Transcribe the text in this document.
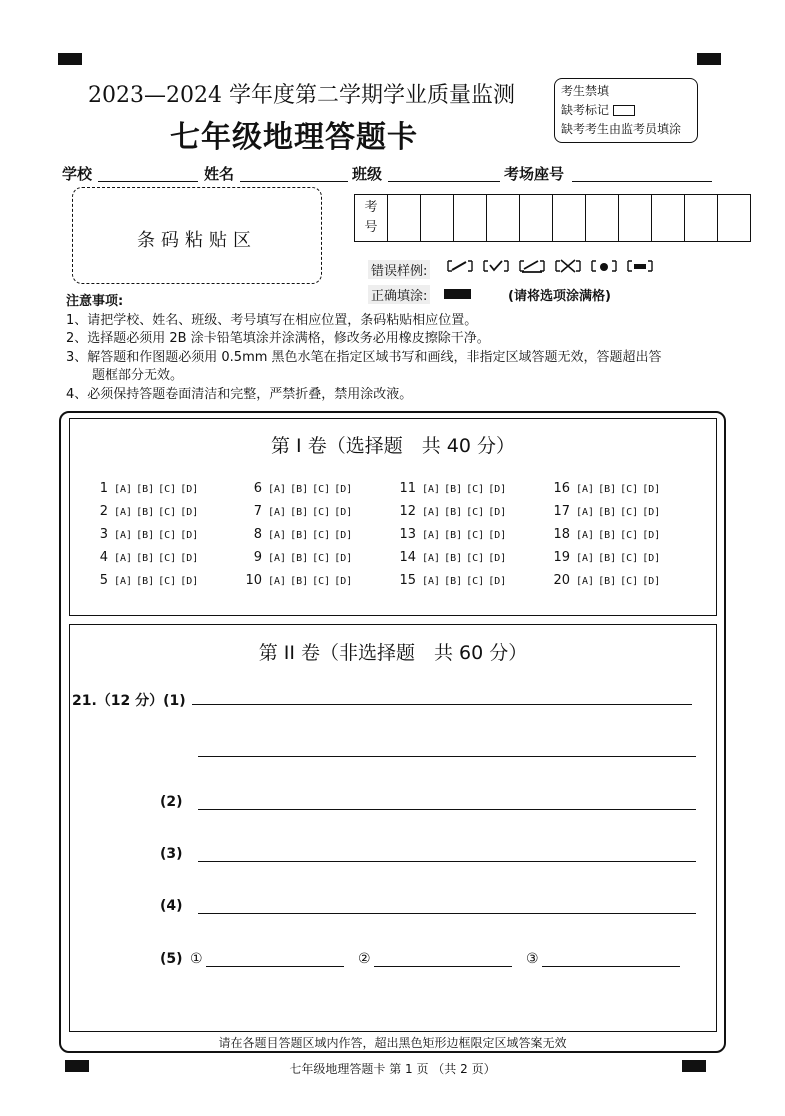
2023—2024 学年度第二学期学业质量监测
七年级地理答题卡
考生禁填
缺考标记
缺考考生由监考员填涂
学校	姓名	班级	考场座号
条码粘贴区
考
号
错误样例:
正确填涂:	(请将选项涂满格)
注意事项:
1、请把学校、姓名、班级、考号填写在相应位置，条码粘贴相应位置。
2、选择题必须用 2B 涂卡铅笔填涂并涂满格，修改务必用橡皮擦除干净。
3、解答题和作图题必须用 0.5mm 黑色水笔在指定区域书写和画线，非指定区域答题无效，答题超出答
题框部分无效。
4、必须保持答题卷面清洁和完整，严禁折叠，禁用涂改液。
第 I 卷（选择题　共 40 分）
1 [A] [B] [C] [D]
2 [A] [B] [C] [D]
3 [A] [B] [C] [D]
4 [A] [B] [C] [D]
5 [A] [B] [C] [D]
6 [A] [B] [C] [D]
7 [A] [B] [C] [D]
8 [A] [B] [C] [D]
9 [A] [B] [C] [D]
10 [A] [B] [C] [D]
11 [A] [B] [C] [D]
12 [A] [B] [C] [D]
13 [A] [B] [C] [D]
14 [A] [B] [C] [D]
15 [A] [B] [C] [D]
16 [A] [B] [C] [D]
17 [A] [B] [C] [D]
18 [A] [B] [C] [D]
19 [A] [B] [C] [D]
20 [A] [B] [C] [D]
第 II 卷（非选择题　共 60 分）
21.（12 分）(1)
(2)
(3)
(4)
(5) ①	②	③
请在各题目答题区域内作答，超出黑色矩形边框限定区域答案无效
七年级地理答题卡 第 1 页 （共 2 页）
